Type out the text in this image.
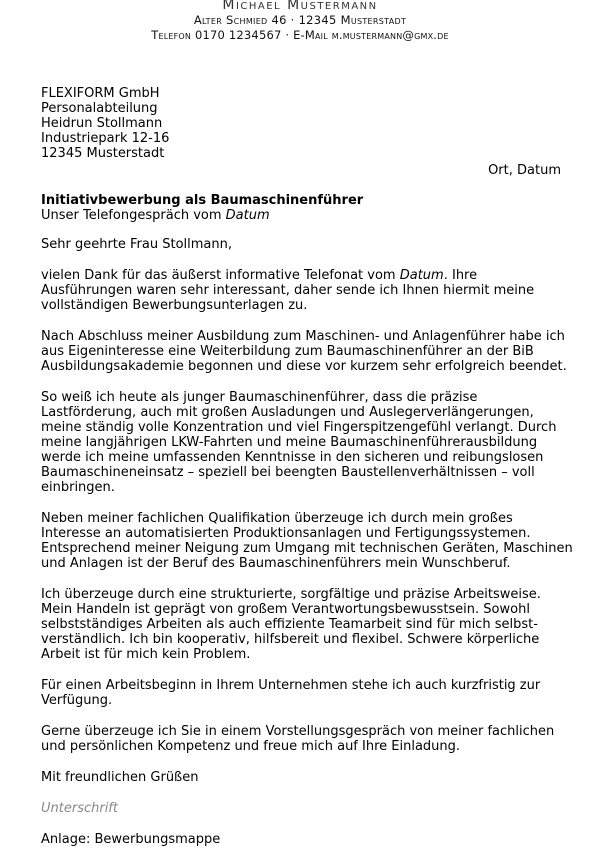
Michael Mustermann
Alter Schmied 46 · 12345 Musterstadt
Telefon 0170 1234567 · E-Mail m.mustermann@gmx.de
FLEXIFORM GmbH
Personalabteilung
Heidrun Stollmann
Industriepark 12-16
12345 Musterstadt
Ort, Datum
Initiativbewerbung als Baumaschinenführer
Unser Telefongespräch vom Datum

Sehr geehrte Frau Stollmann,

vielen Dank für das äußerst informative Telefonat vom Datum. Ihre
Ausführungen waren sehr interessant, daher sende ich Ihnen hiermit meine
vollständigen Bewerbungsunterlagen zu.

Nach Abschluss meiner Ausbildung zum Maschinen- und Anlagenführer habe ich
aus Eigeninteresse eine Weiterbildung zum Baumaschinenführer an der BiB
Ausbildungsakademie begonnen und diese vor kurzem sehr erfolgreich beendet.

So weiß ich heute als junger Baumaschinenführer, dass die präzise
Lastförderung, auch mit großen Ausladungen und Auslegerverlängerungen,
meine ständig volle Konzentration und viel Fingerspitzengefühl verlangt. Durch
meine langjährigen LKW-Fahrten und meine Baumaschinenführerausbildung
werde ich meine umfassenden Kenntnisse in den sicheren und reibungslosen
Baumaschineneinsatz – speziell bei beengten Baustellenverhältnissen – voll
einbringen.

Neben meiner fachlichen Qualifikation überzeuge ich durch mein großes
Interesse an automatisierten Produktionsanlagen und Fertigungssystemen.
Entsprechend meiner Neigung zum Umgang mit technischen Geräten, Maschinen
und Anlagen ist der Beruf des Baumaschinenführers mein Wunschberuf.

Ich überzeuge durch eine strukturierte, sorgfältige und präzise Arbeitsweise.
Mein Handeln ist geprägt von großem Verantwortungsbewusstsein. Sowohl
selbstständiges Arbeiten als auch effiziente Teamarbeit sind für mich selbst-
verständlich. Ich bin kooperativ, hilfsbereit und flexibel. Schwere körperliche
Arbeit ist für mich kein Problem.

Für einen Arbeitsbeginn in Ihrem Unternehmen stehe ich auch kurzfristig zur
Verfügung.

Gerne überzeuge ich Sie in einem Vorstellungsgespräch von meiner fachlichen
und persönlichen Kompetenz und freue mich auf Ihre Einladung.

Mit freundlichen Grüßen

Unterschrift

Anlage: Bewerbungsmappe
